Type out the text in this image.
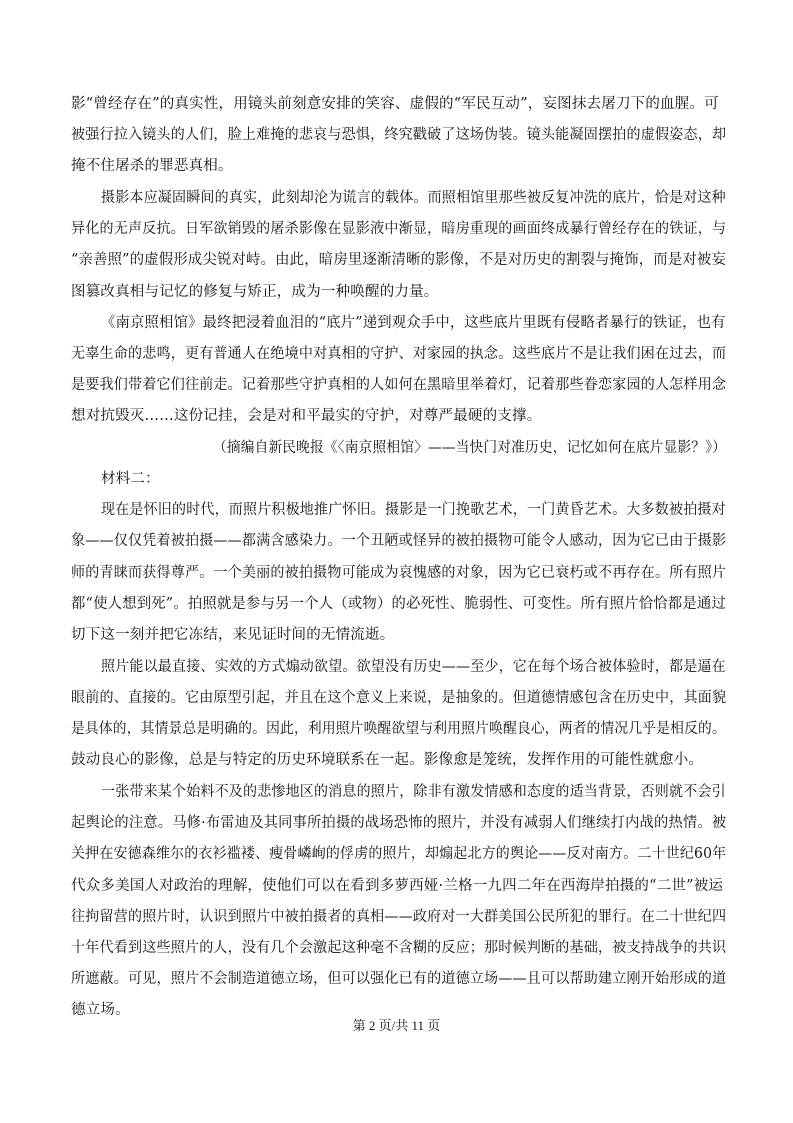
影“曾经存在”的真实性，用镜头前刻意安排的笑容、虚假的“军民互动”，妄图抹去屠刀下的血腥。可
被强行拉入镜头的人们，脸上难掩的悲哀与恐惧，终究戳破了这场伪装。镜头能凝固摆拍的虚假姿态，却
掩不住屠杀的罪恶真相。
摄影本应凝固瞬间的真实，此刻却沦为谎言的载体。而照相馆里那些被反复冲洗的底片，恰是对这种
异化的无声反抗。日军欲销毁的屠杀影像在显影液中渐显，暗房重现的画面终成暴行曾经存在的铁证，与
“亲善照”的虚假形成尖锐对峙。由此，暗房里逐渐清晰的影像，不是对历史的割裂与掩饰，而是对被妄
图篡改真相与记忆的修复与矫正，成为一种唤醒的力量。
《南京照相馆》最终把浸着血泪的“底片”递到观众手中，这些底片里既有侵略者暴行的铁证，也有
无辜生命的悲鸣，更有普通人在绝境中对真相的守护、对家园的执念。这些底片不是让我们困在过去，而
是要我们带着它们往前走。记着那些守护真相的人如何在黑暗里举着灯，记着那些眷恋家园的人怎样用念
想对抗毁灭……这份记挂，会是对和平最实的守护，对尊严最硬的支撑。
（摘编自新民晚报《〈南京照相馆〉——当快门对准历史，记忆如何在底片显影？》）
材料二：
现在是怀旧的时代，而照片积极地推广怀旧。摄影是一门挽歌艺术，一门黄昏艺术。大多数被拍摄对
象——仅仅凭着被拍摄——都满含感染力。一个丑陋或怪异的被拍摄物可能令人感动，因为它已由于摄影
师的青睐而获得尊严。一个美丽的被拍摄物可能成为哀愧感的对象，因为它已衰朽或不再存在。所有照片
都“使人想到死”。拍照就是参与另一个人（或物）的必死性、脆弱性、可变性。所有照片恰恰都是通过
切下这一刻并把它冻结，来见证时间的无情流逝。
照片能以最直接、实效的方式煽动欲望。欲望没有历史——至少，它在每个场合被体验时，都是逼在
眼前的、直接的。它由原型引起，并且在这个意义上来说，是抽象的。但道德情感包含在历史中，其面貌
是具体的，其情景总是明确的。因此，利用照片唤醒欲望与利用照片唤醒良心，两者的情况几乎是相反的。
鼓动良心的影像，总是与特定的历史环境联系在一起。影像愈是笼统，发挥作用的可能性就愈小。
一张带来某个始料不及的悲惨地区的消息的照片，除非有激发情感和态度的适当背景，否则就不会引
起舆论的注意。马修·布雷迪及其同事所拍摄的战场恐怖的照片，并没有减弱人们继续打内战的热情。被
关押在安德森维尔的衣衫褴褛、瘦骨嶙峋的俘虏的照片，却煽起北方的舆论——反对南方。二十世纪60年
代众多美国人对政治的理解，使他们可以在看到多萝西娅·兰格一九四二年在西海岸拍摄的“二世”被运
往拘留营的照片时，认识到照片中被拍摄者的真相——政府对一大群美国公民所犯的罪行。在二十世纪四
十年代看到这些照片的人，没有几个会激起这种毫不含糊的反应；那时候判断的基础，被支持战争的共识
所遮蔽。可见，照片不会制造道德立场，但可以强化已有的道德立场——且可以帮助建立刚开始形成的道
德立场。
第 2 页/共 11 页
